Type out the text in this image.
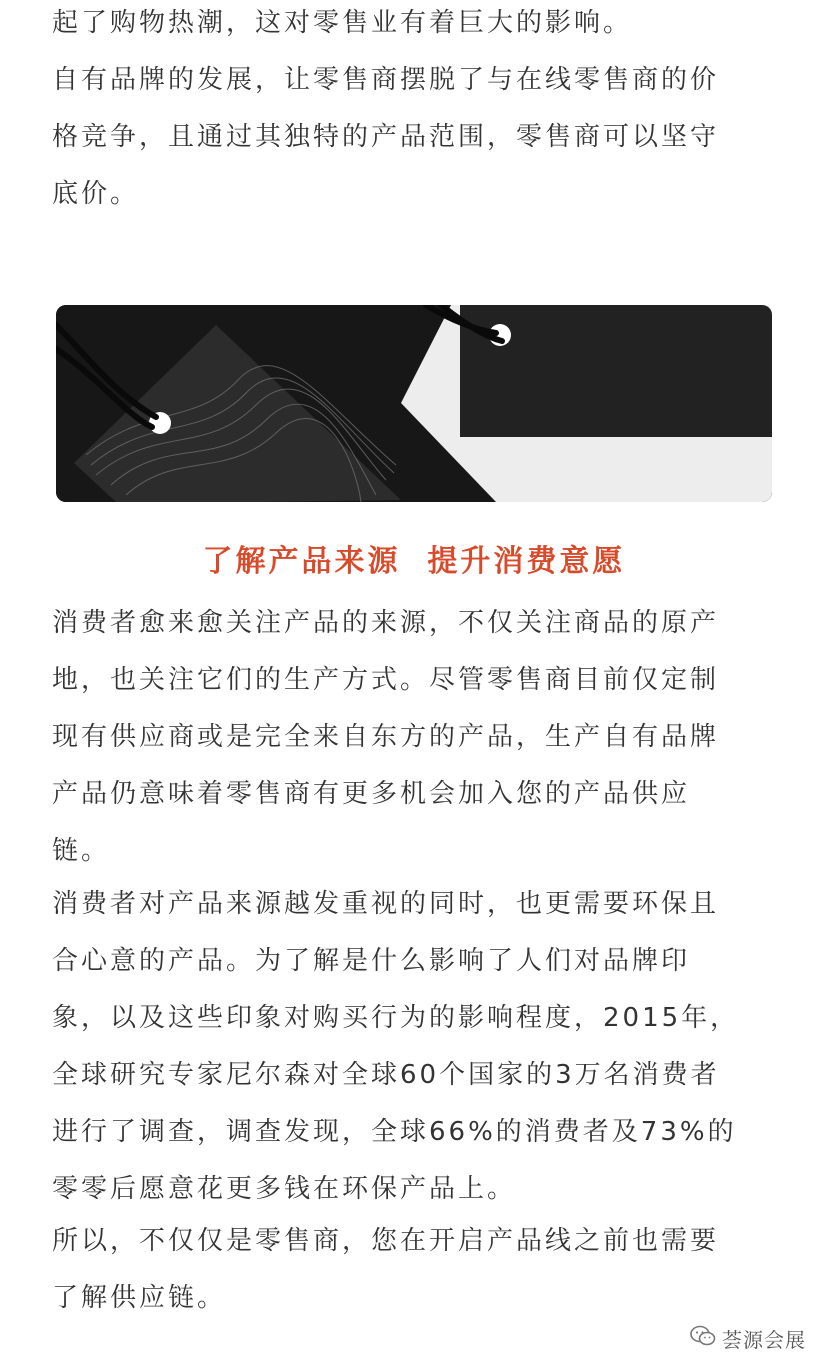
起了购物热潮，这对零售业有着巨大的影响。

自有品牌的发展，让零售商摆脱了与在线零售商的价
格竞争，且通过其独特的产品范围，零售商可以坚守
底价。

了解产品来源  提升消费意愿

消费者愈来愈关注产品的来源，不仅关注商品的原产
地，也关注它们的生产方式。尽管零售商目前仅定制
现有供应商或是完全来自东方的产品，生产自有品牌
产品仍意味着零售商有更多机会加入您的产品供应
链。

消费者对产品来源越发重视的同时，也更需要环保且
合心意的产品。为了解是什么影响了人们对品牌印
象，以及这些印象对购买行为的影响程度，2015年，
全球研究专家尼尔森对全球60个国家的3万名消费者
进行了调查，调查发现，全球66%的消费者及73%的
零零后愿意花更多钱在环保产品上。

所以，不仅仅是零售商，您在开启产品线之前也需要
了解供应链。

荟源会展
